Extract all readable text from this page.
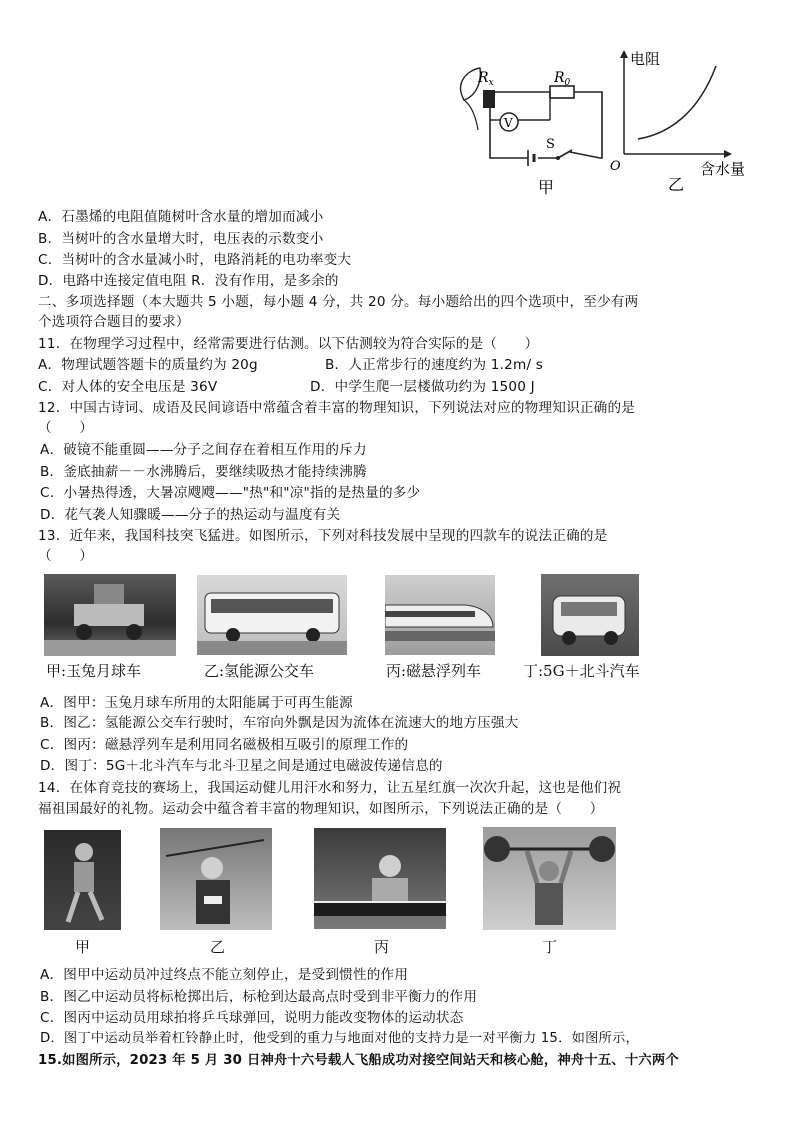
V
$R_x$	$R_0$
S
甲
电阻
O	含水量
乙
A．石墨烯的电阻值随树叶含水量的增加而减小
B．当树叶的含水量增大时，电压表的示数变小
C．当树叶的含水量减小时，电路消耗的电功率变大
D．电路中连接定值电阻 R．没有作用，是多余的
二、多项选择题（本大题共 5 小题，每小题 4 分，共 20 分。每小题给出的四个选项中，至少有两
个选项符合题目的要求）
11．在物理学习过程中，经常需要进行估测。以下估测较为符合实际的是（　　）
A．物理试题答题卡的质量约为 20g	B．人正常步行的速度约为 1.2m/ s
C．对人体的安全电压是 36V	D．中学生爬一层楼做功约为 1500 J
12．中国古诗词、成语及民间谚语中常蕴含着丰富的物理知识，下列说法对应的物理知识正确的是
（　　）
A．破镜不能重圆——分子之间存在着相互作用的斥力
B．釜底抽薪－－水沸腾后，要继续吸热才能持续沸腾
C．小暑热得透，大暑凉飕飕——"热"和"凉"指的是热量的多少
D．花气袭人知骤暖——分子的热运动与温度有关
13．近年来，我国科技突飞猛进。如图所示，下列对科技发展中呈现的四款车的说法正确的是
（　　）
甲:玉兔月球车	乙:氢能源公交车	丙:磁悬浮列车	丁:5G＋北斗汽车
A．图甲：玉兔月球车所用的太阳能属于可再生能源
B．图乙：氢能源公交车行驶时，车帘向外飘是因为流体在流速大的地方压强大
C．图丙：磁悬浮列车是利用同名磁极相互吸引的原理工作的
D．图丁：5G＋北斗汽车与北斗卫星之间是通过电磁波传递信息的
14．在体育竞技的赛场上，我国运动健儿用汗水和努力，让五星红旗一次次升起，这也是他们祝
福祖国最好的礼物。运动会中蕴含着丰富的物理知识，如图所示，下列说法正确的是（　　）
甲	乙	丙	丁
A．图甲中运动员冲过终点不能立刻停止，是受到惯性的作用
B．图乙中运动员将标枪掷出后，标枪到达最高点时受到非平衡力的作用
C．图丙中运动员用球拍将乒乓球弹回，说明力能改变物体的运动状态
D．图丁中运动员举着杠铃静止时，他受到的重力与地面对他的支持力是一对平衡力 15．如图所示，
15.如图所示，2023 年 5 月 30 日神舟十六号载人飞船成功对接空间站天和核心舱，神舟十五、十六两个
